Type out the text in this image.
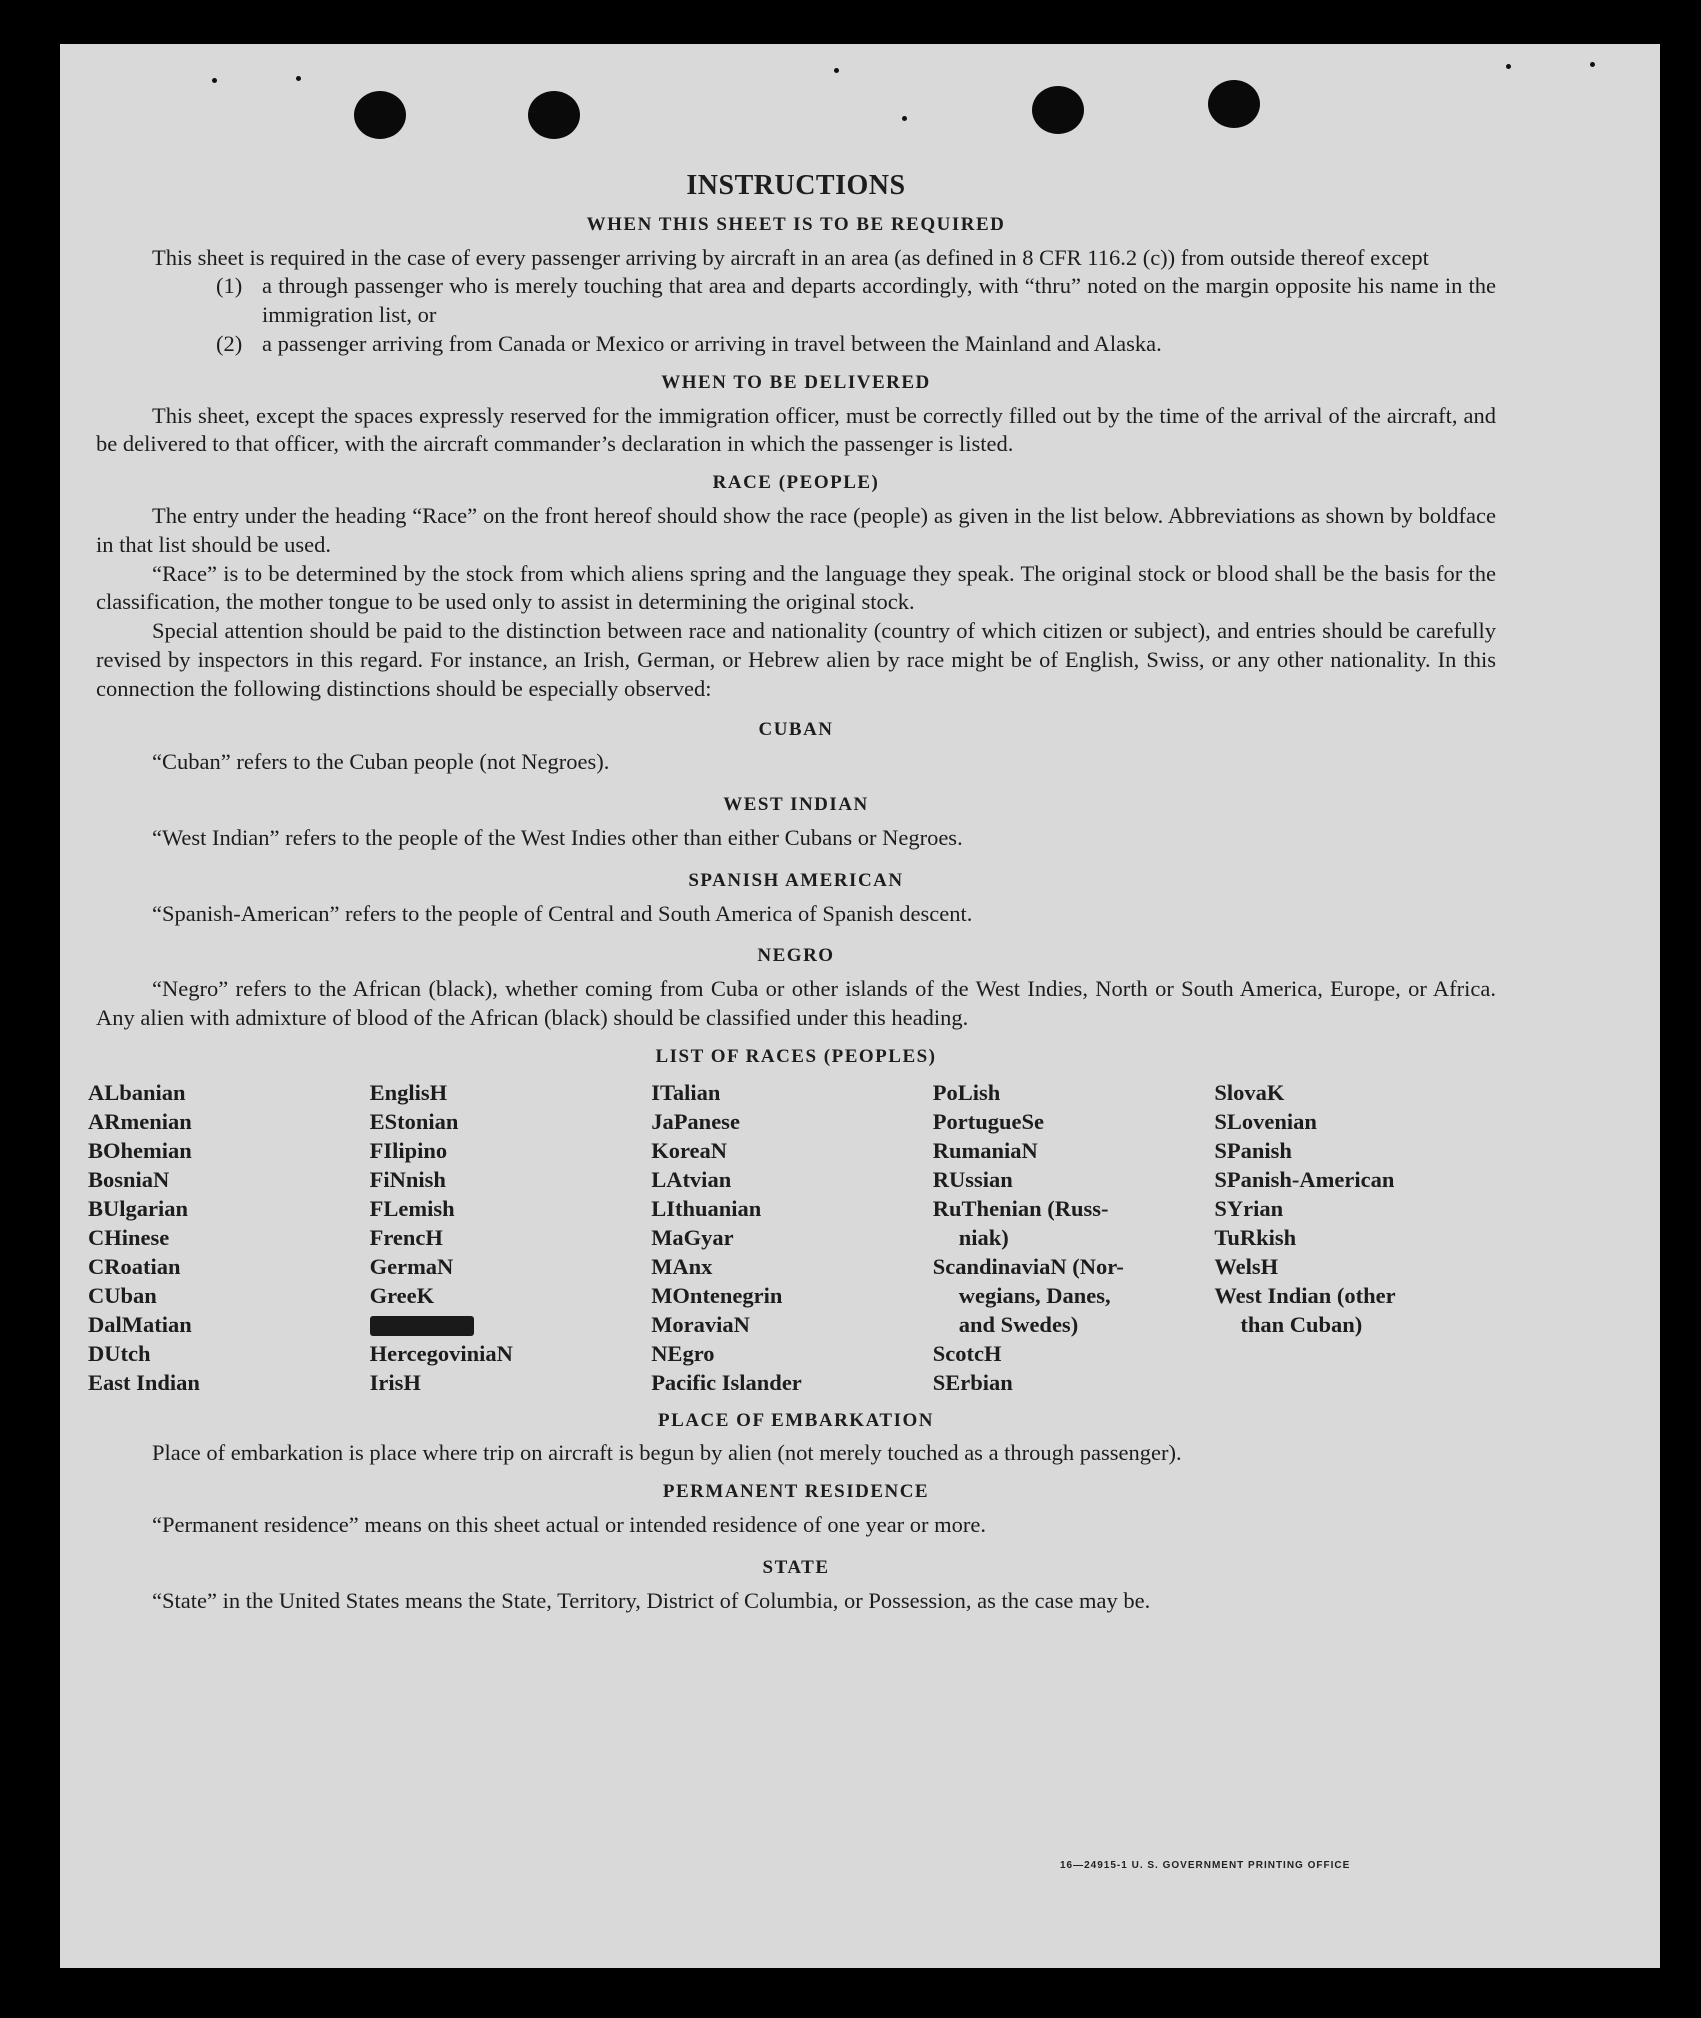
INSTRUCTIONS
WHEN THIS SHEET IS TO BE REQUIRED

This sheet is required in the case of every passenger arriving by aircraft in an area (as defined in 8 CFR 116.2 (c)) from outside thereof except

(1) a through passenger who is merely touching that area and departs accordingly, with “thru” noted on the margin opposite his name in the immigration list, or
(2) a passenger arriving from Canada or Mexico or arriving in travel between the Mainland and Alaska.
WHEN TO BE DELIVERED

This sheet, except the spaces expressly reserved for the immigration officer, must be correctly filled out by the time of the arrival of the aircraft, and be delivered to that officer, with the aircraft commander’s declaration in which the passenger is listed.

RACE (PEOPLE)

The entry under the heading “Race” on the front hereof should show the race (people) as given in the list below. Abbreviations as shown by boldface in that list should be used.

“Race” is to be determined by the stock from which aliens spring and the language they speak. The original stock or blood shall be the basis for the classification, the mother tongue to be used only to assist in determining the original stock.

Special attention should be paid to the distinction between race and nationality (country of which citizen or subject), and entries should be carefully revised by inspectors in this regard. For instance, an Irish, German, or Hebrew alien by race might be of English, Swiss, or any other nationality. In this connection the following distinctions should be especially observed:

CUBAN

“Cuban” refers to the Cuban people (not Negroes).

WEST INDIAN

“West Indian” refers to the people of the West Indies other than either Cubans or Negroes.

SPANISH AMERICAN

“Spanish-American” refers to the people of Central and South America of Spanish descent.

NEGRO

“Negro” refers to the African (black), whether coming from Cuba or other islands of the West Indies, North or South America, Europe, or Africa. Any alien with admixture of blood of the African (black) should be classified under this heading.

LIST OF RACES (PEOPLES)
ALbanian
ARmenian
BOhemian
BosniaN
BUlgarian
CHinese
CRoatian
CUban
DalMatian
DUtch
East Indian
EnglisH
EStonian
FIlipino
FiNnish
FLemish
FrencH
GermaN
GreeK
HercegoviniaN
IrisH
ITalian
JaPanese
KoreaN
LAtvian
LIthuanian
MaGyar
MAnx
MOntenegrin
MoraviaN
NEgro
Pacific Islander
PoLish
PortugueSe
RumaniaN
RUssian
RuThenian (Russ-
niak)
ScandinaviaN (Nor-
wegians, Danes,
and Swedes)
ScotcH
SErbian
SlovaK
SLovenian
SPanish
SPanish-American
SYrian
TuRkish
WelsH
West Indian (other
than Cuban)
PLACE OF EMBARKATION

Place of embarkation is place where trip on aircraft is begun by alien (not merely touched as a through passenger).

PERMANENT RESIDENCE

“Permanent residence” means on this sheet actual or intended residence of one year or more.

STATE

“State” in the United States means the State, Territory, District of Columbia, or Possession, as the case may be.

16—24915-1 U. S. GOVERNMENT PRINTING OFFICE
